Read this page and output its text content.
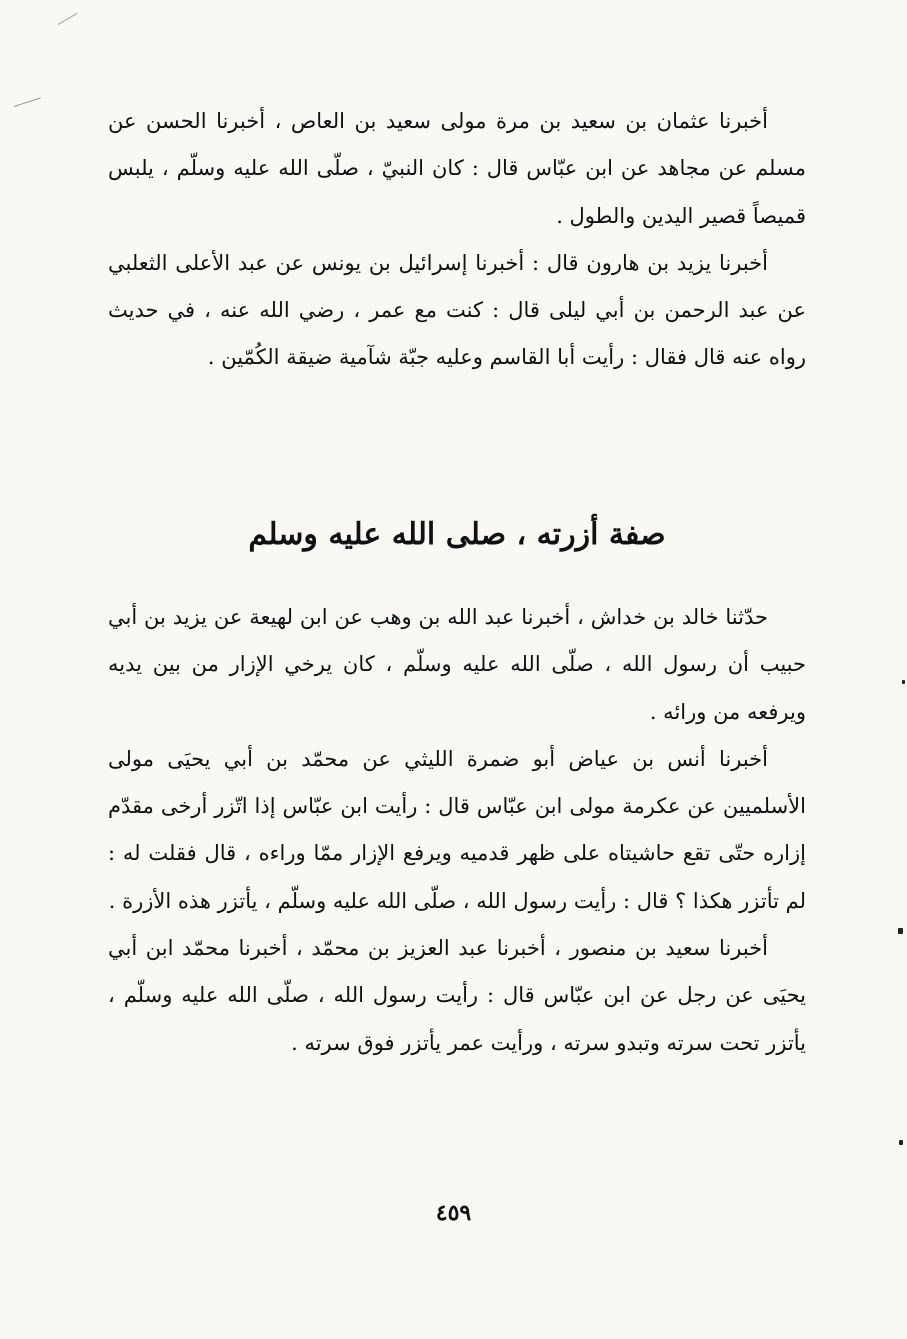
أخبرنا عثمان بن سعيد بن مرة مولى سعيد بن العاص ، أخبرنا الحسن عن مسلم عن مجاهد عن ابن عبّاس قال : كان النبيّ ، صلّى الله عليه وسلّم ، يلبس قميصاً قصير اليدين والطول .

أخبرنا يزيد بن هارون قال : أخبرنا إسرائيل بن يونس عن عبد الأعلى الثعلبي عن عبد الرحمن بن أبي ليلى قال : كنت مع عمر ، رضي الله عنه ، في حديث رواه عنه قال فقال : رأيت أبا القاسم وعليه جبّة شآمية ضيقة الكُمّين .

صفة أزرته ، صلى الله عليه وسلم

حدّثنا خالد بن خداش ، أخبرنا عبد الله بن وهب عن ابن لهيعة عن يزيد بن أبي حبيب أن رسول الله ، صلّى الله عليه وسلّم ، كان يرخي الإزار من بين يديه ويرفعه من ورائه .

أخبرنا أنس بن عياض أبو ضمرة الليثي عن محمّد بن أبي يحيَى مولى الأسلميين عن عكرمة مولى ابن عبّاس قال : رأيت ابن عبّاس إذا اتّزر أرخى مقدّم إزاره حتّى تقع حاشيتاه على ظهر قدميه ويرفع الإزار ممّا وراءه ، قال فقلت له : لم تأتزر هكذا ؟ قال : رأيت رسول الله ، صلّى الله عليه وسلّم ، يأتزر هذه الأزرة .

أخبرنا سعيد بن منصور ، أخبرنا عبد العزيز بن محمّد ، أخبرنا محمّد ابن أبي يحيَى عن رجل عن ابن عبّاس قال : رأيت رسول الله ، صلّى الله عليه وسلّم ، يأتزر تحت سرته وتبدو سرته ، ورأيت عمر يأتزر فوق سرته .

٤٥٩
